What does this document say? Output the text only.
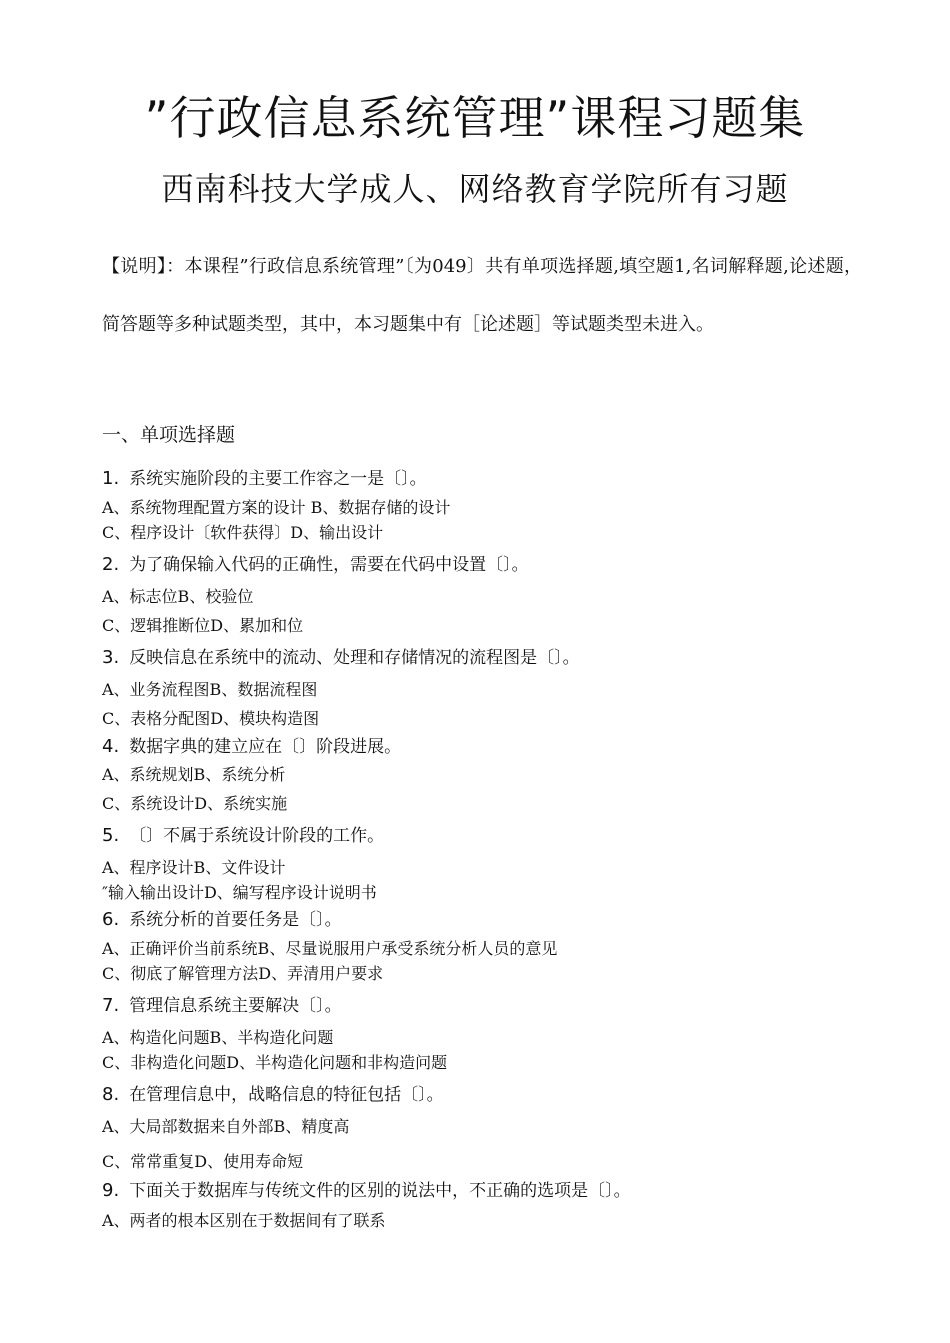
”行政信息系统管理”课程习题集
西南科技大学成人、网络教育学院所有习题
【说明】：本课程”行政信息系统管理”〔为049〕共有单项选择题,填空题1,名词解释题,论述题，简答题等多种试题类型，其中，本习题集中有［论述题］等试题类型未进入。
一、单项选择题
1. 系统实施阶段的主要工作容之一是〔〕。
A、系统物理配置方案的设计 B、数据存储的设计
C、程序设计〔软件获得〕D、输出设计
2. 为了确保输入代码的正确性，需要在代码中设置〔〕。
A、标志位B、校验位
C、逻辑推断位D、累加和位
3. 反映信息在系统中的流动、处理和存储情况的流程图是〔〕。
A、业务流程图B、数据流程图
C、表格分配图D、模块构造图
4. 数据字典的建立应在〔〕阶段进展。
A、系统规划B、系统分析
C、系统设计D、系统实施
5. 〔〕不属于系统设计阶段的工作。
A、程序设计B、文件设计
″输入输出设计D、编写程序设计说明书
6. 系统分析的首要任务是〔〕。
A、正确评价当前系统B、尽量说服用户承受系统分析人员的意见
C、彻底了解管理方法D、弄清用户要求
7. 管理信息系统主要解决〔〕。
A、构造化问题B、半构造化问题
C、非构造化问题D、半构造化问题和非构造问题
8. 在管理信息中，战略信息的特征包括〔〕。
A、大局部数据来自外部B、精度高
C、常常重复D、使用寿命短
9. 下面关于数据库与传统文件的区别的说法中，不正确的选项是〔〕。
A、两者的根本区别在于数据间有了联系
